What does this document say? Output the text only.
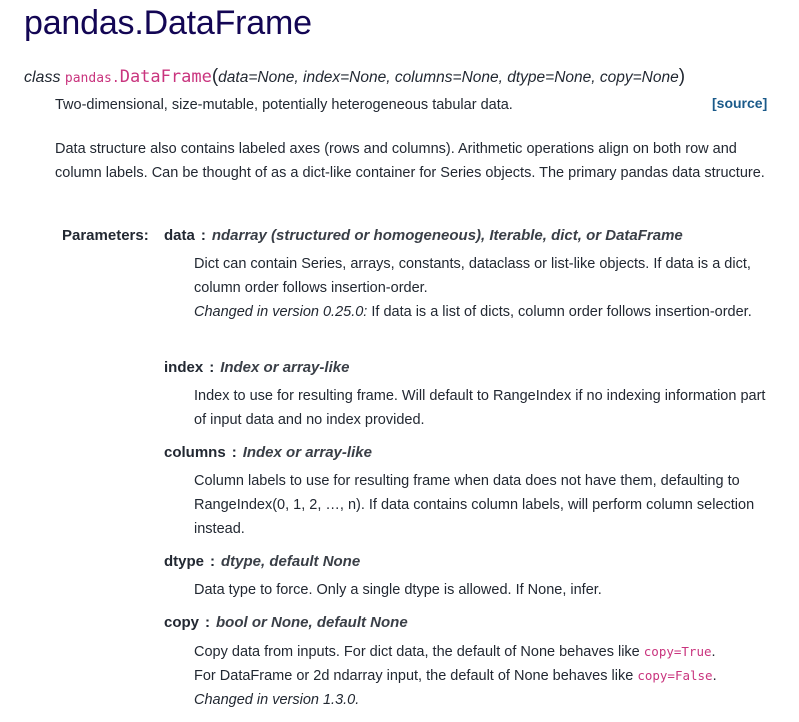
pandas.DataFrame
class pandas.DataFrame(data=None, index=None, columns=None, dtype=None, copy=None)
[source]

Two-dimensional, size-mutable, potentially heterogeneous tabular data.

Data structure also contains labeled axes (rows and columns). Arithmetic operations align on both row and column labels. Can be thought of as a dict-like container for Series objects. The primary pandas data structure.

Parameters: data : ndarray (structured or homogeneous), Iterable, dict, or DataFrame

Dict can contain Series, arrays, constants, dataclass or list-like objects. If data is a dict, column order follows insertion-order.
Changed in version 0.25.0: If data is a list of dicts, column order follows insertion-order.

index : Index or array-like

Index to use for resulting frame. Will default to RangeIndex if no indexing information part of input data and no index provided.

columns : Index or array-like

Column labels to use for resulting frame when data does not have them, defaulting to RangeIndex(0, 1, 2, …, n). If data contains column labels, will perform column selection instead.

dtype : dtype, default None

Data type to force. Only a single dtype is allowed. If None, infer.

copy : bool or None, default None

Copy data from inputs. For dict data, the default of None behaves like copy=True.
For DataFrame or 2d ndarray input, the default of None behaves like copy=False.
Changed in version 1.3.0.
